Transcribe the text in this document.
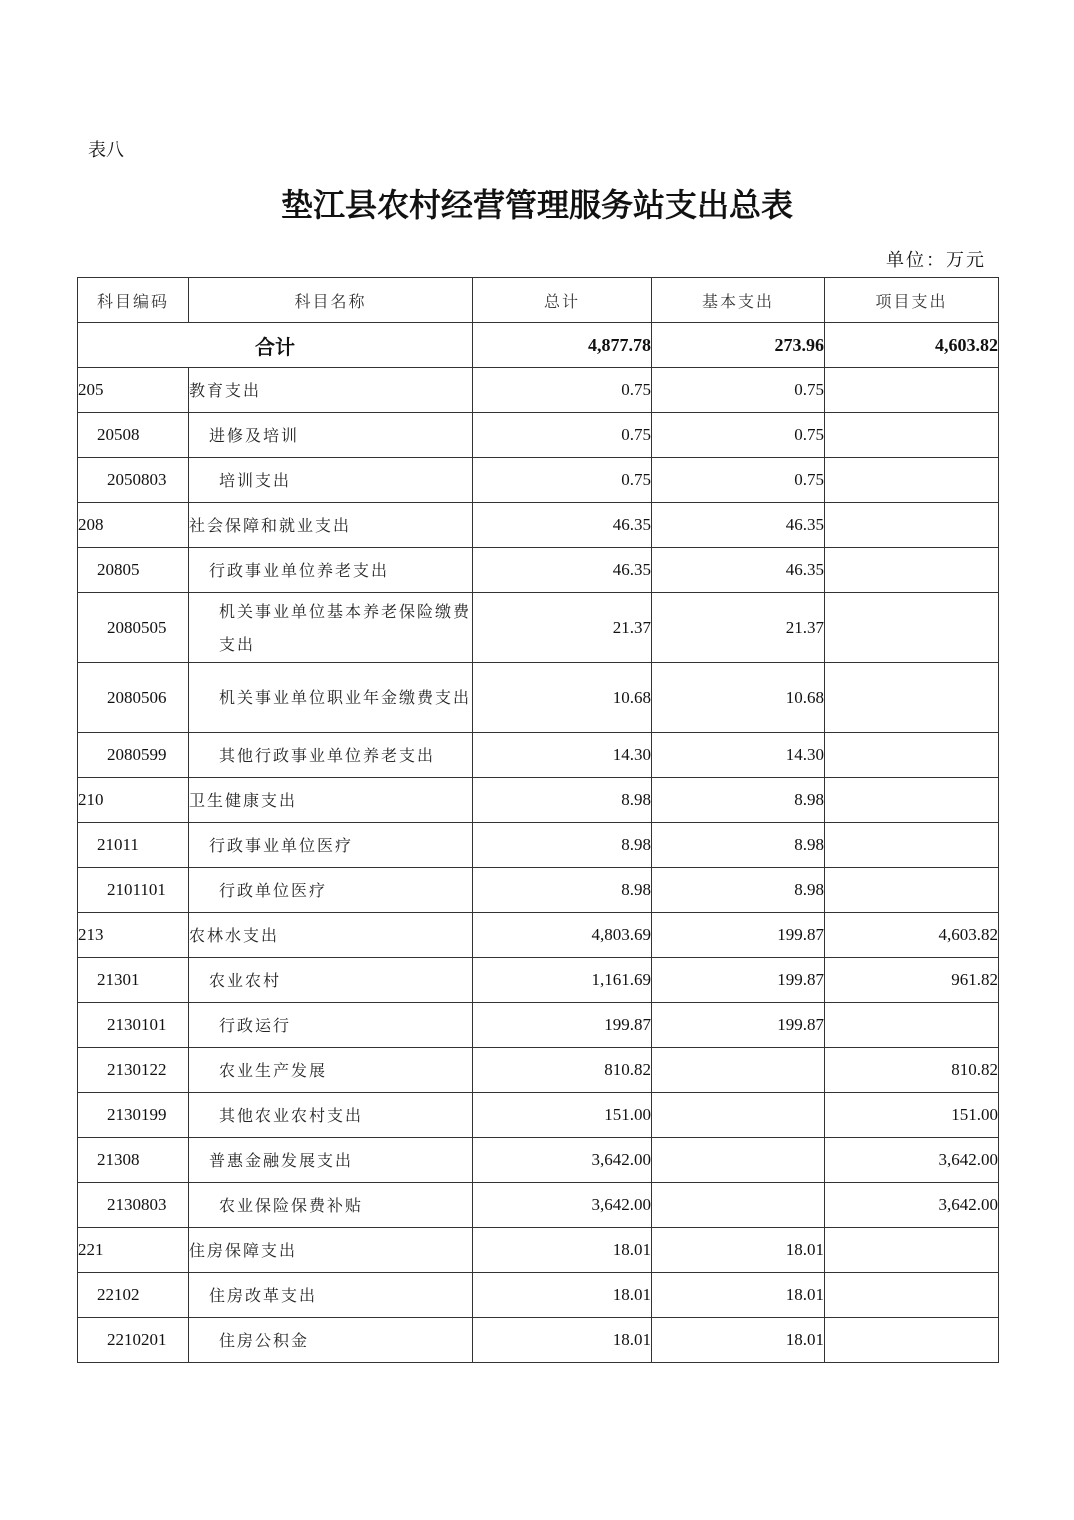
表八
垫江县农村经营管理服务站支出总表
单位：万元
科目编码	科目名称	总计	基本支出	项目支出
合计		4,877.78	273.96	4,603.82
205	教育支出	0.75	0.75	
20508	进修及培训	0.75	0.75	
2050803	培训支出	0.75	0.75	
208	社会保障和就业支出	46.35	46.35	
20805	行政事业单位养老支出	46.35	46.35	
2080505	机关事业单位基本养老保险缴费支出	21.37	21.37	
2080506	机关事业单位职业年金缴费支出	10.68	10.68	
2080599	其他行政事业单位养老支出	14.30	14.30	
210	卫生健康支出	8.98	8.98	
21011	行政事业单位医疗	8.98	8.98	
2101101	行政单位医疗	8.98	8.98	
213	农林水支出	4,803.69	199.87	4,603.82
21301	农业农村	1,161.69	199.87	961.82
2130101	行政运行	199.87	199.87	
2130122	农业生产发展	810.82		810.82
2130199	其他农业农村支出	151.00		151.00
21308	普惠金融发展支出	3,642.00		3,642.00
2130803	农业保险保费补贴	3,642.00		3,642.00
221	住房保障支出	18.01	18.01	
22102	住房改革支出	18.01	18.01	
2210201	住房公积金	18.01	18.01	
